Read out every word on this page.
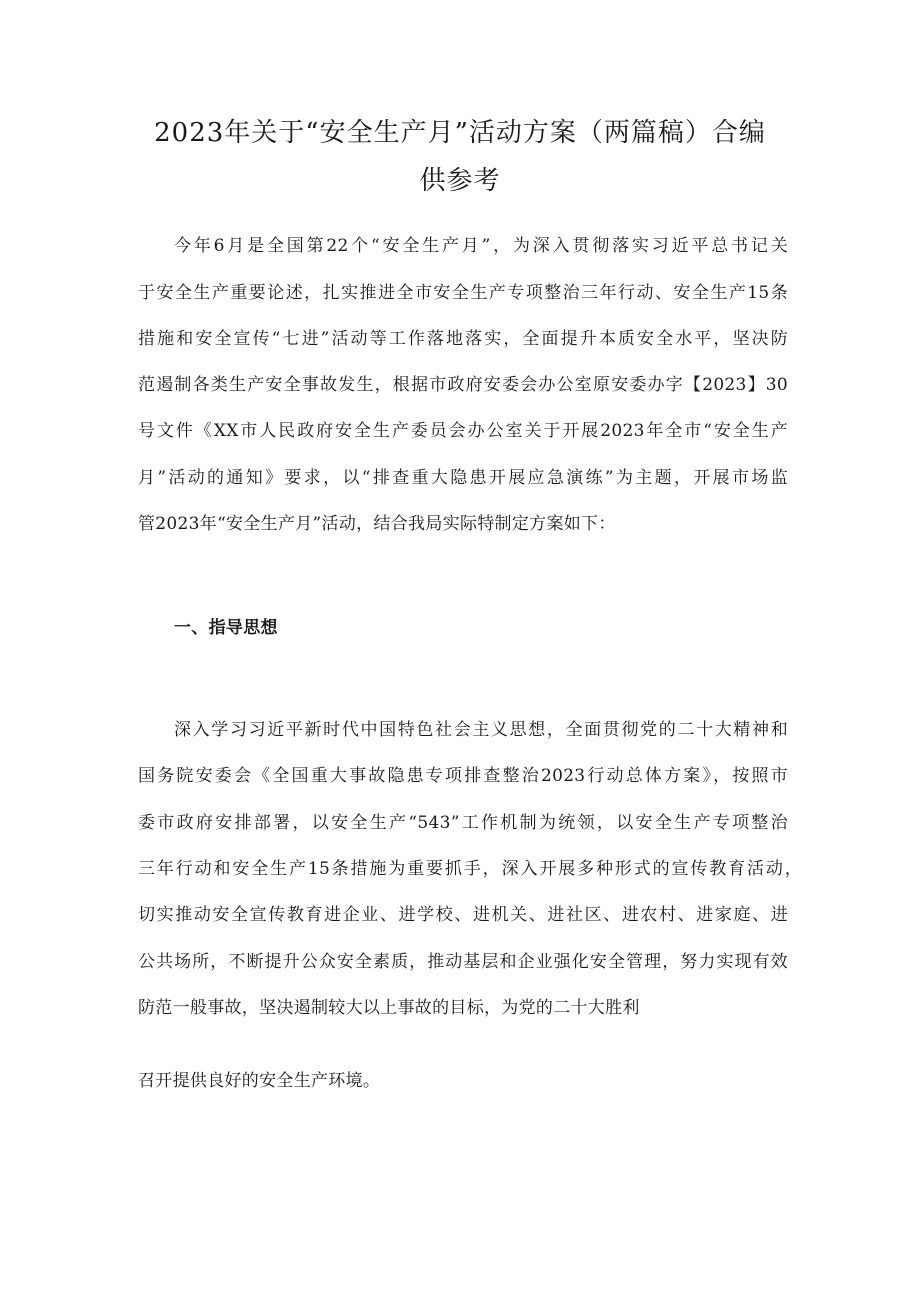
2023年关于“安全生产月”活动方案（两篇稿）合编
供参考
今年6月是全国第22个“安全生产月”，为深入贯彻落实习近平总书记关
于安全生产重要论述，扎实推进全市安全生产专项整治三年行动、安全生产15条
措施和安全宣传“七进”活动等工作落地落实，全面提升本质安全水平，坚决防
范遏制各类生产安全事故发生，根据市政府安委会办公室原安委办字【2023】30
号文件《XX市人民政府安全生产委员会办公室关于开展2023年全市“安全生产
月”活动的通知》要求，以“排查重大隐患开展应急演练”为主题，开展市场监
管2023年“安全生产月”活动，结合我局实际特制定方案如下：
一、指导思想
深入学习习近平新时代中国特色社会主义思想，全面贯彻党的二十大精神和
国务院安委会《全国重大事故隐患专项排查整治2023行动总体方案》，按照市
委市政府安排部署，以安全生产“543”工作机制为统领，以安全生产专项整治
三年行动和安全生产15条措施为重要抓手，深入开展多种形式的宣传教育活动，
切实推动安全宣传教育进企业、进学校、进机关、进社区、进农村、进家庭、进
公共场所，不断提升公众安全素质，推动基层和企业强化安全管理，努力实现有效
防范一般事故，坚决遏制较大以上事故的目标，为党的二十大胜利
召开提供良好的安全生产环境。
